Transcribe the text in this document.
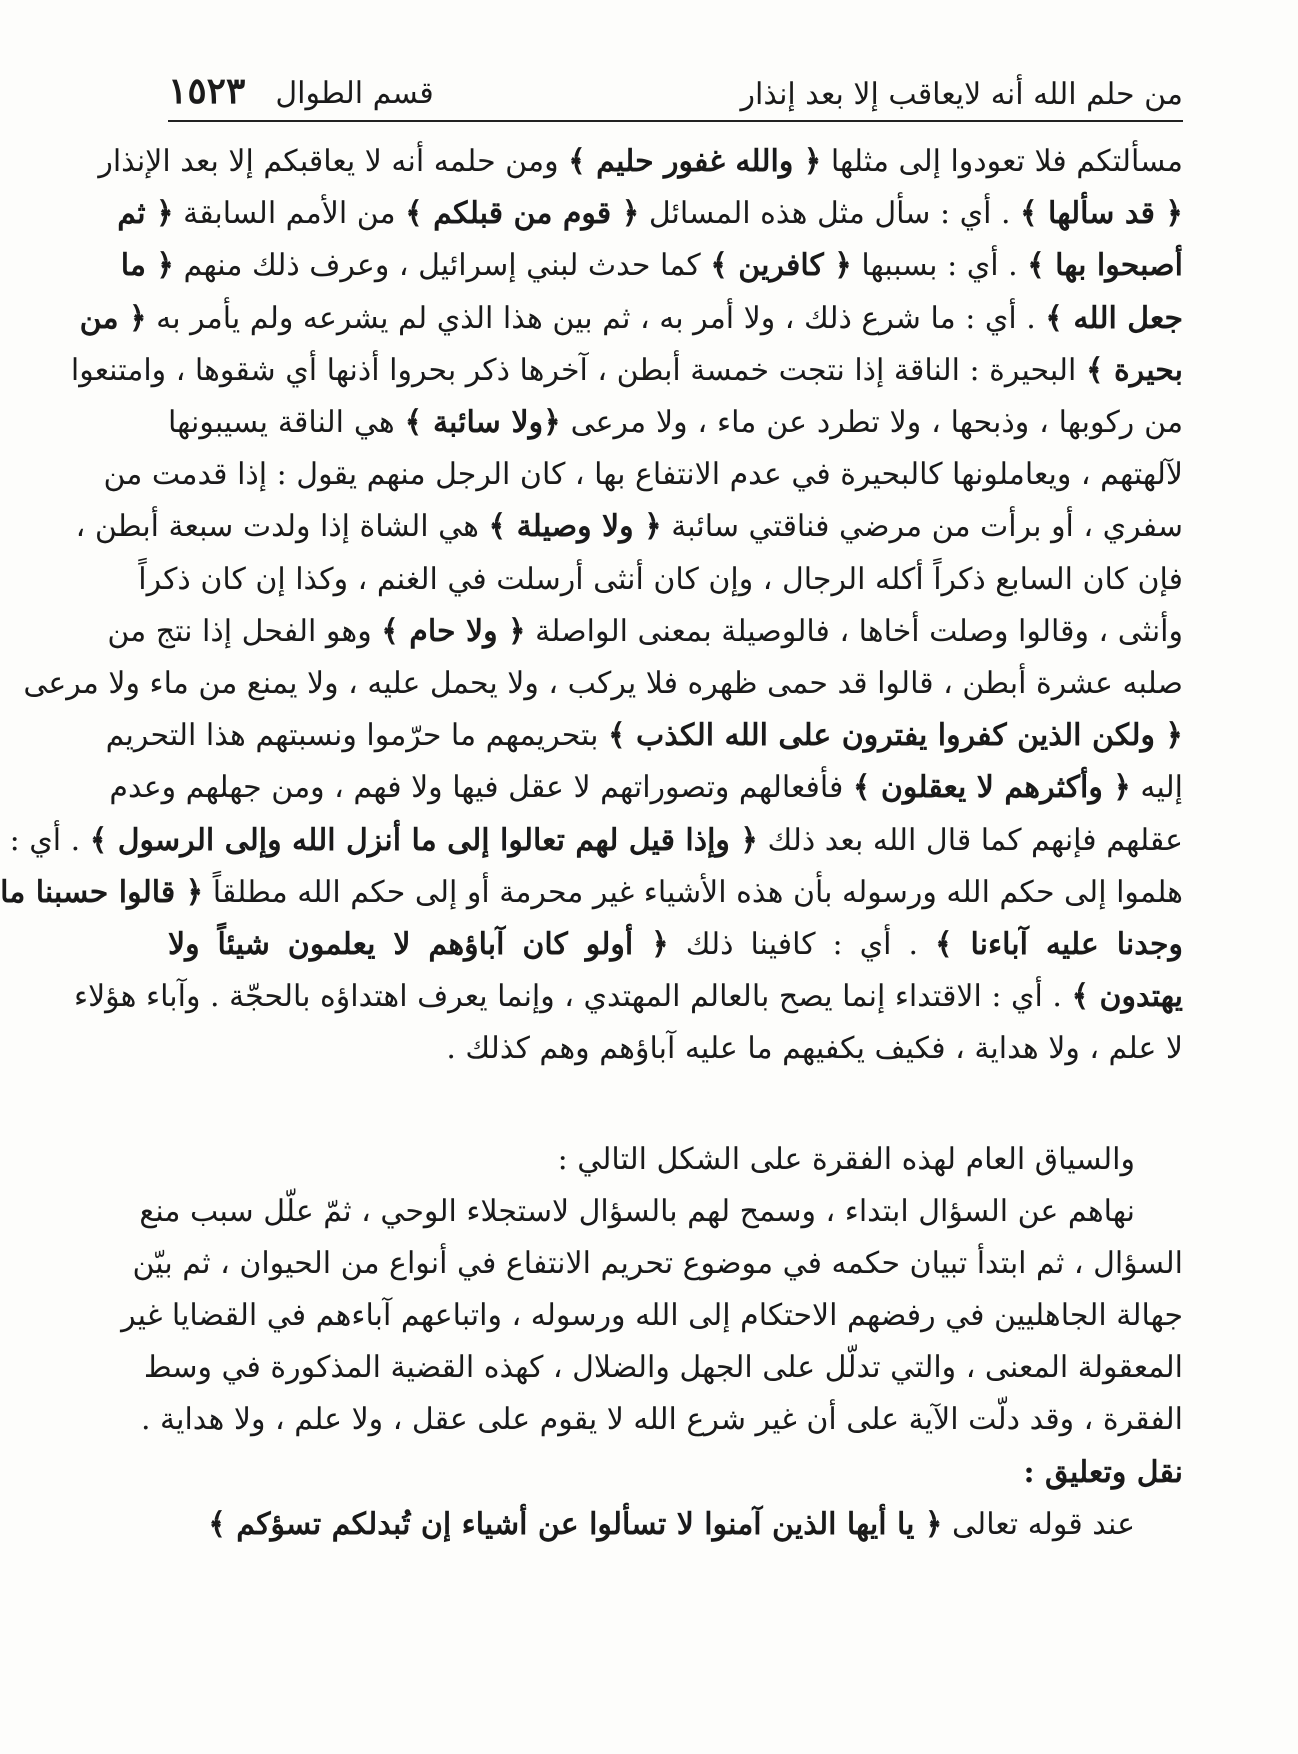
من حلم الله أنه لايعاقب إلا بعد إنذار
قسم الطوال
١٥٢٣
مسألتكم فلا تعودوا إلى مثلها ﴿ والله غفور حليم ﴾ ومن حلمه أنه لا يعاقبكم إلا بعد الإنذار
﴿ قد سألها ﴾ . أي : سأل مثل هذه المسائل ﴿ قوم من قبلكم ﴾ من الأمم السابقة ﴿ ثم
أصبحوا بها ﴾ . أي : بسببها ﴿ كافرين ﴾ كما حدث لبني إسرائيل ، وعرف ذلك منهم ﴿ ما
جعل الله ﴾ . أي : ما شرع ذلك ، ولا أمر به ، ثم بين هذا الذي لم يشرعه ولم يأمر به ﴿ من
بحيرة ﴾ البحيرة : الناقة إذا نتجت خمسة أبطن ، آخرها ذكر بحروا أذنها أي شقوها ، وامتنعوا
من ركوبها ، وذبحها ، ولا تطرد عن ماء ، ولا مرعى ﴿ولا سائبة ﴾ هي الناقة يسيبونها
لآلهتهم ، ويعاملونها كالبحيرة في عدم الانتفاع بها ، كان الرجل منهم يقول : إذا قدمت من
سفري ، أو برأت من مرضي فناقتي سائبة ﴿ ولا وصيلة ﴾ هي الشاة إذا ولدت سبعة أبطن ،
فإن كان السابع ذكراً أكله الرجال ، وإن كان أنثى أرسلت في الغنم ، وكذا إن كان ذكراً
وأنثى ، وقالوا وصلت أخاها ، فالوصيلة بمعنى الواصلة ﴿ ولا حام ﴾ وهو الفحل إذا نتج من
صلبه عشرة أبطن ، قالوا قد حمى ظهره فلا يركب ، ولا يحمل عليه ، ولا يمنع من ماء ولا مرعى
﴿ ولكن الذين كفروا يفترون على الله الكذب ﴾ بتحريمهم ما حرّموا ونسبتهم هذا التحريم
إليه ﴿ وأكثرهم لا يعقلون ﴾ فأفعالهم وتصوراتهم لا عقل فيها ولا فهم ، ومن جهلهم وعدم
عقلهم فإنهم كما قال الله بعد ذلك ﴿ وإذا قيل لهم تعالوا إلى ما أنزل الله وإلى الرسول ﴾ . أي :
هلموا إلى حكم الله ورسوله بأن هذه الأشياء غير محرمة أو إلى حكم الله مطلقاً ﴿ قالوا حسبنا ما
وجدنا عليه آباءنا ﴾ . أي : كافينا ذلك ﴿ أولو كان آباؤهم لا يعلمون شيئاً ولا
يهتدون ﴾ . أي : الاقتداء إنما يصح بالعالم المهتدي ، وإنما يعرف اهتداؤه بالحجّة . وآباء هؤلاء
لا علم ، ولا هداية ، فكيف يكفيهم ما عليه آباؤهم وهم كذلك .

والسياق العام لهذه الفقرة على الشكل التالي :

نهاهم عن السؤال ابتداء ، وسمح لهم بالسؤال لاستجلاء الوحي ، ثمّ علّل سبب منع
السؤال ، ثم ابتدأ تبيان حكمه في موضوع تحريم الانتفاع في أنواع من الحيوان ، ثم بيّن
جهالة الجاهليين في رفضهم الاحتكام إلى الله ورسوله ، واتباعهم آباءهم في القضايا غير
المعقولة المعنى ، والتي تدلّل على الجهل والضلال ، كهذه القضية المذكورة في وسط
الفقرة ، وقد دلّت الآية على أن غير شرع الله لا يقوم على عقل ، ولا علم ، ولا هداية .

نقل وتعليق :

عند قوله تعالى ﴿ يا أيها الذين آمنوا لا تسألوا عن أشياء إن تُبدلكم تسؤكم ﴾
